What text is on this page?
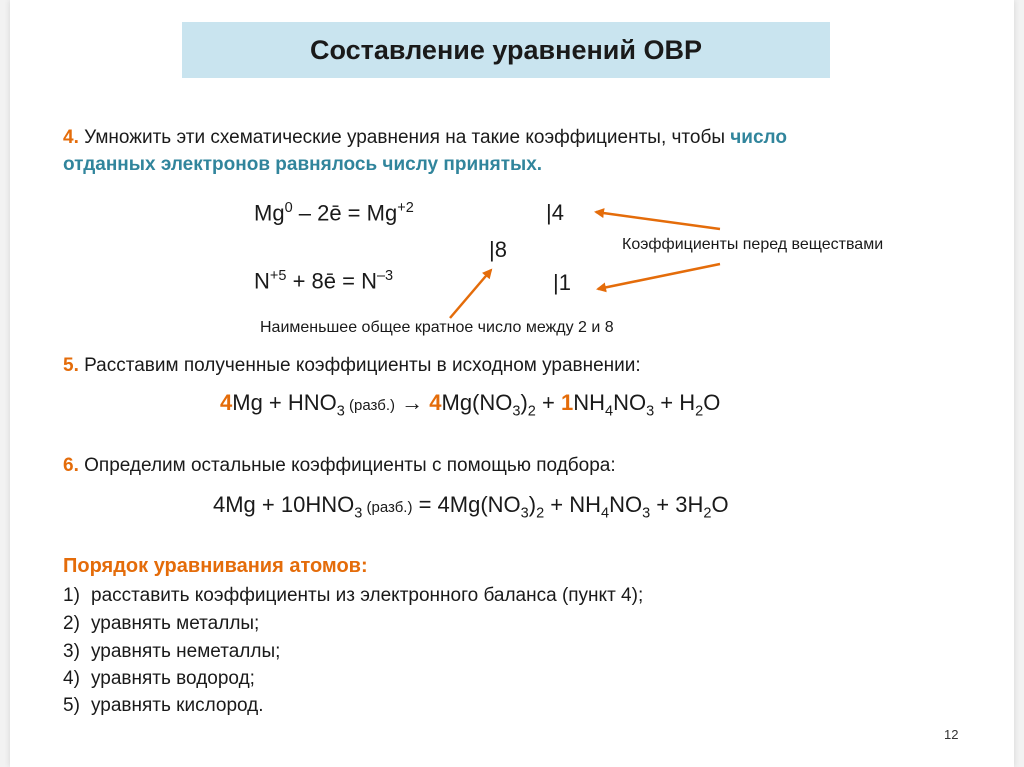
Составление уравнений ОВР
4. Умножить эти схематические уравнения на такие коэффициенты, чтобы число
отданных электронов равнялось числу принятых.
Mg$^0$ – 2ē = $Mg^{+2}$	|4
|8	Коэффициенты перед веществами
$N^{+5}$ + 8ē = $N^{-3}$	|1
Наименьшее общее кратное число между 2 и 8
5. Расставим полученные коэффициенты в исходном уравнении:
$4Mg + HNO_3$ (разб.) → $4Mg(NO_3)_2 + 1NH_4NO_3 + H_2O$
6. Определим остальные коэффициенты с помощью подбора:
$4Mg + 10HNO_3$ (разб.) = $4Mg(NO_3)_2 + NH_4NO_3 + 3H_2O$
Порядок уравнивания атомов:
1) расставить коэффициенты из электронного баланса (пункт 4);
2) уравнять металлы;
3) уравнять неметаллы;
4) уравнять водород;
5) уравнять кислород.
12
